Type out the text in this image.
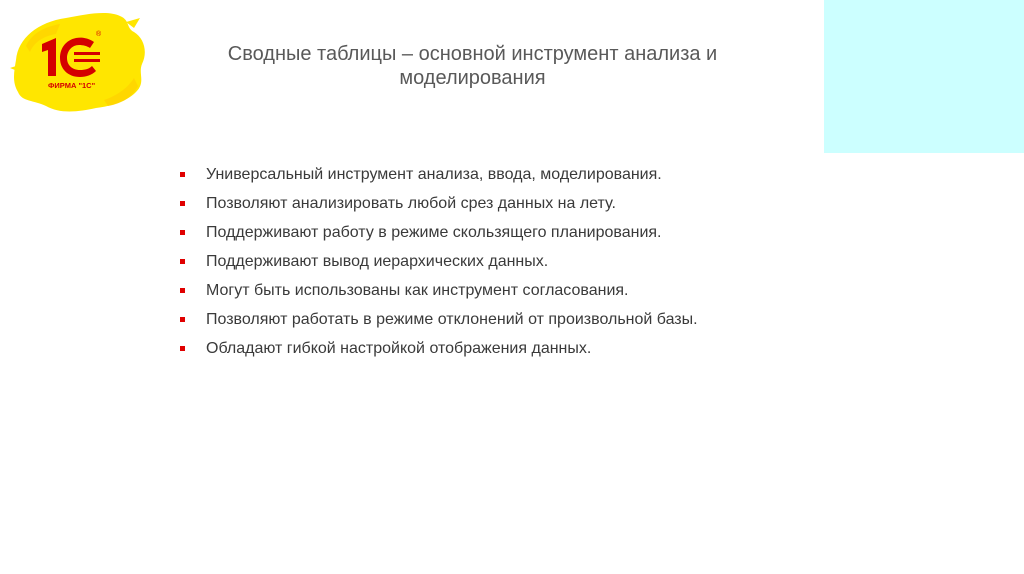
®
ФИРМА "1С"
Сводные таблицы – основной инструмент анализа и моделирования
Универсальный инструмент анализа, ввода, моделирования.
Позволяют анализировать любой срез данных на лету.
Поддерживают работу в режиме скользящего планирования.
Поддерживают вывод иерархических данных.
Могут быть использованы как инструмент согласования.
Позволяют работать в режиме отклонений от произвольной базы.
Обладают гибкой настройкой отображения данных.
